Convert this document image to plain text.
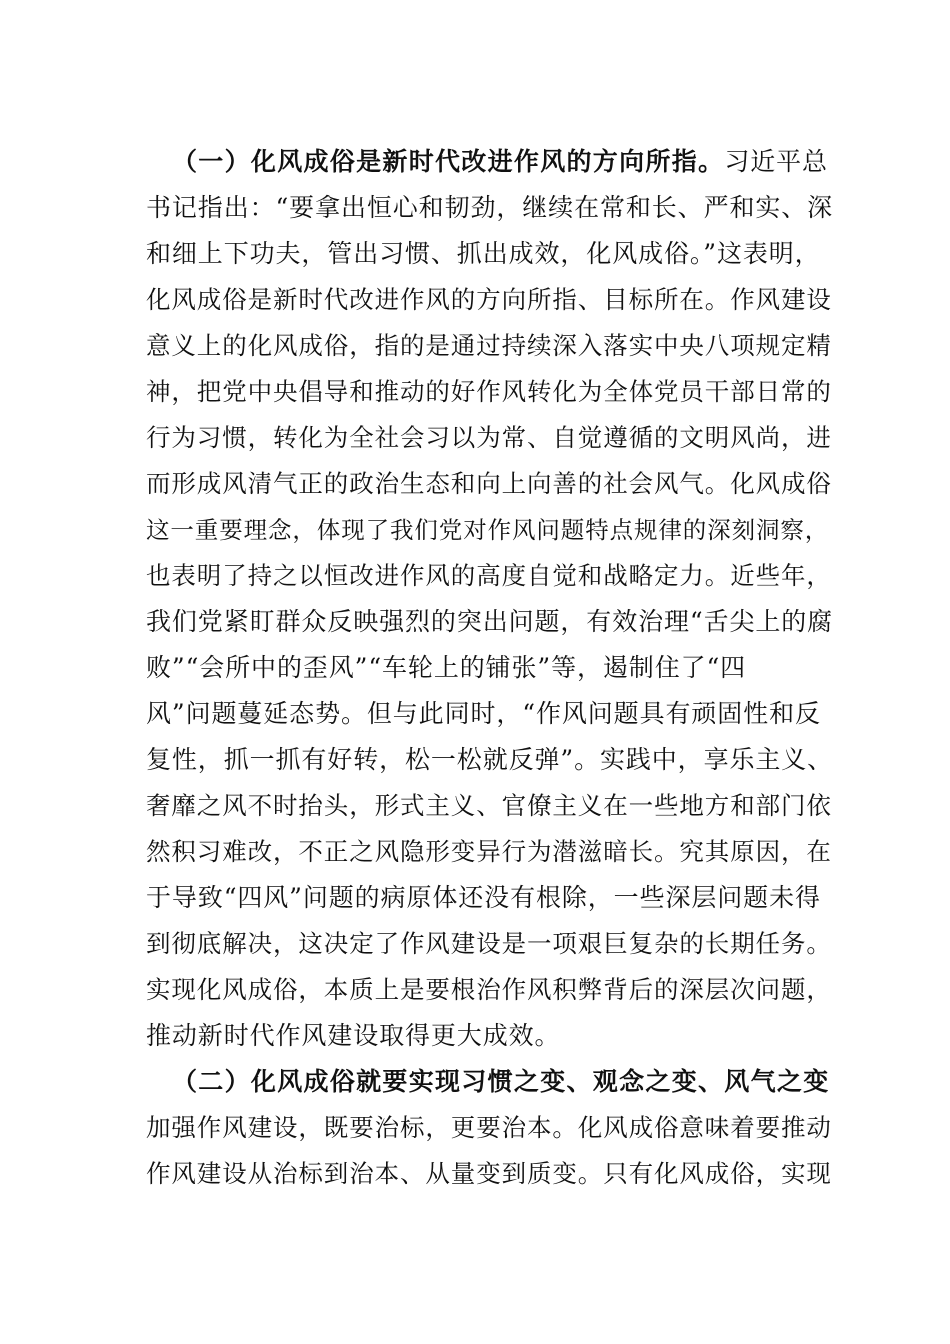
（一）化风成俗是新时代改进作风的方向所指。习近平总
书记指出：“要拿出恒心和韧劲，继续在常和长、严和实、深
和细上下功夫，管出习惯、抓出成效，化风成俗。”这表明，
化风成俗是新时代改进作风的方向所指、目标所在。作风建设
意义上的化风成俗，指的是通过持续深入落实中央八项规定精
神，把党中央倡导和推动的好作风转化为全体党员干部日常的
行为习惯，转化为全社会习以为常、自觉遵循的文明风尚，进
而形成风清气正的政治生态和向上向善的社会风气。化风成俗
这一重要理念，体现了我们党对作风问题特点规律的深刻洞察，
也表明了持之以恒改进作风的高度自觉和战略定力。近些年，
我们党紧盯群众反映强烈的突出问题，有效治理“舌尖上的腐
败”“会所中的歪风”“车轮上的铺张”等，遏制住了“四
风”问题蔓延态势。但与此同时，“作风问题具有顽固性和反
复性，抓一抓有好转，松一松就反弹”。实践中，享乐主义、
奢靡之风不时抬头，形式主义、官僚主义在一些地方和部门依
然积习难改，不正之风隐形变异行为潜滋暗长。究其原因，在
于导致“四风”问题的病原体还没有根除，一些深层问题未得
到彻底解决，这决定了作风建设是一项艰巨复杂的长期任务。
实现化风成俗，本质上是要根治作风积弊背后的深层次问题，
推动新时代作风建设取得更大成效。
（二）化风成俗就要实现习惯之变、观念之变、风气之变
加强作风建设，既要治标，更要治本。化风成俗意味着要推动
作风建设从治标到治本、从量变到质变。只有化风成俗，实现
